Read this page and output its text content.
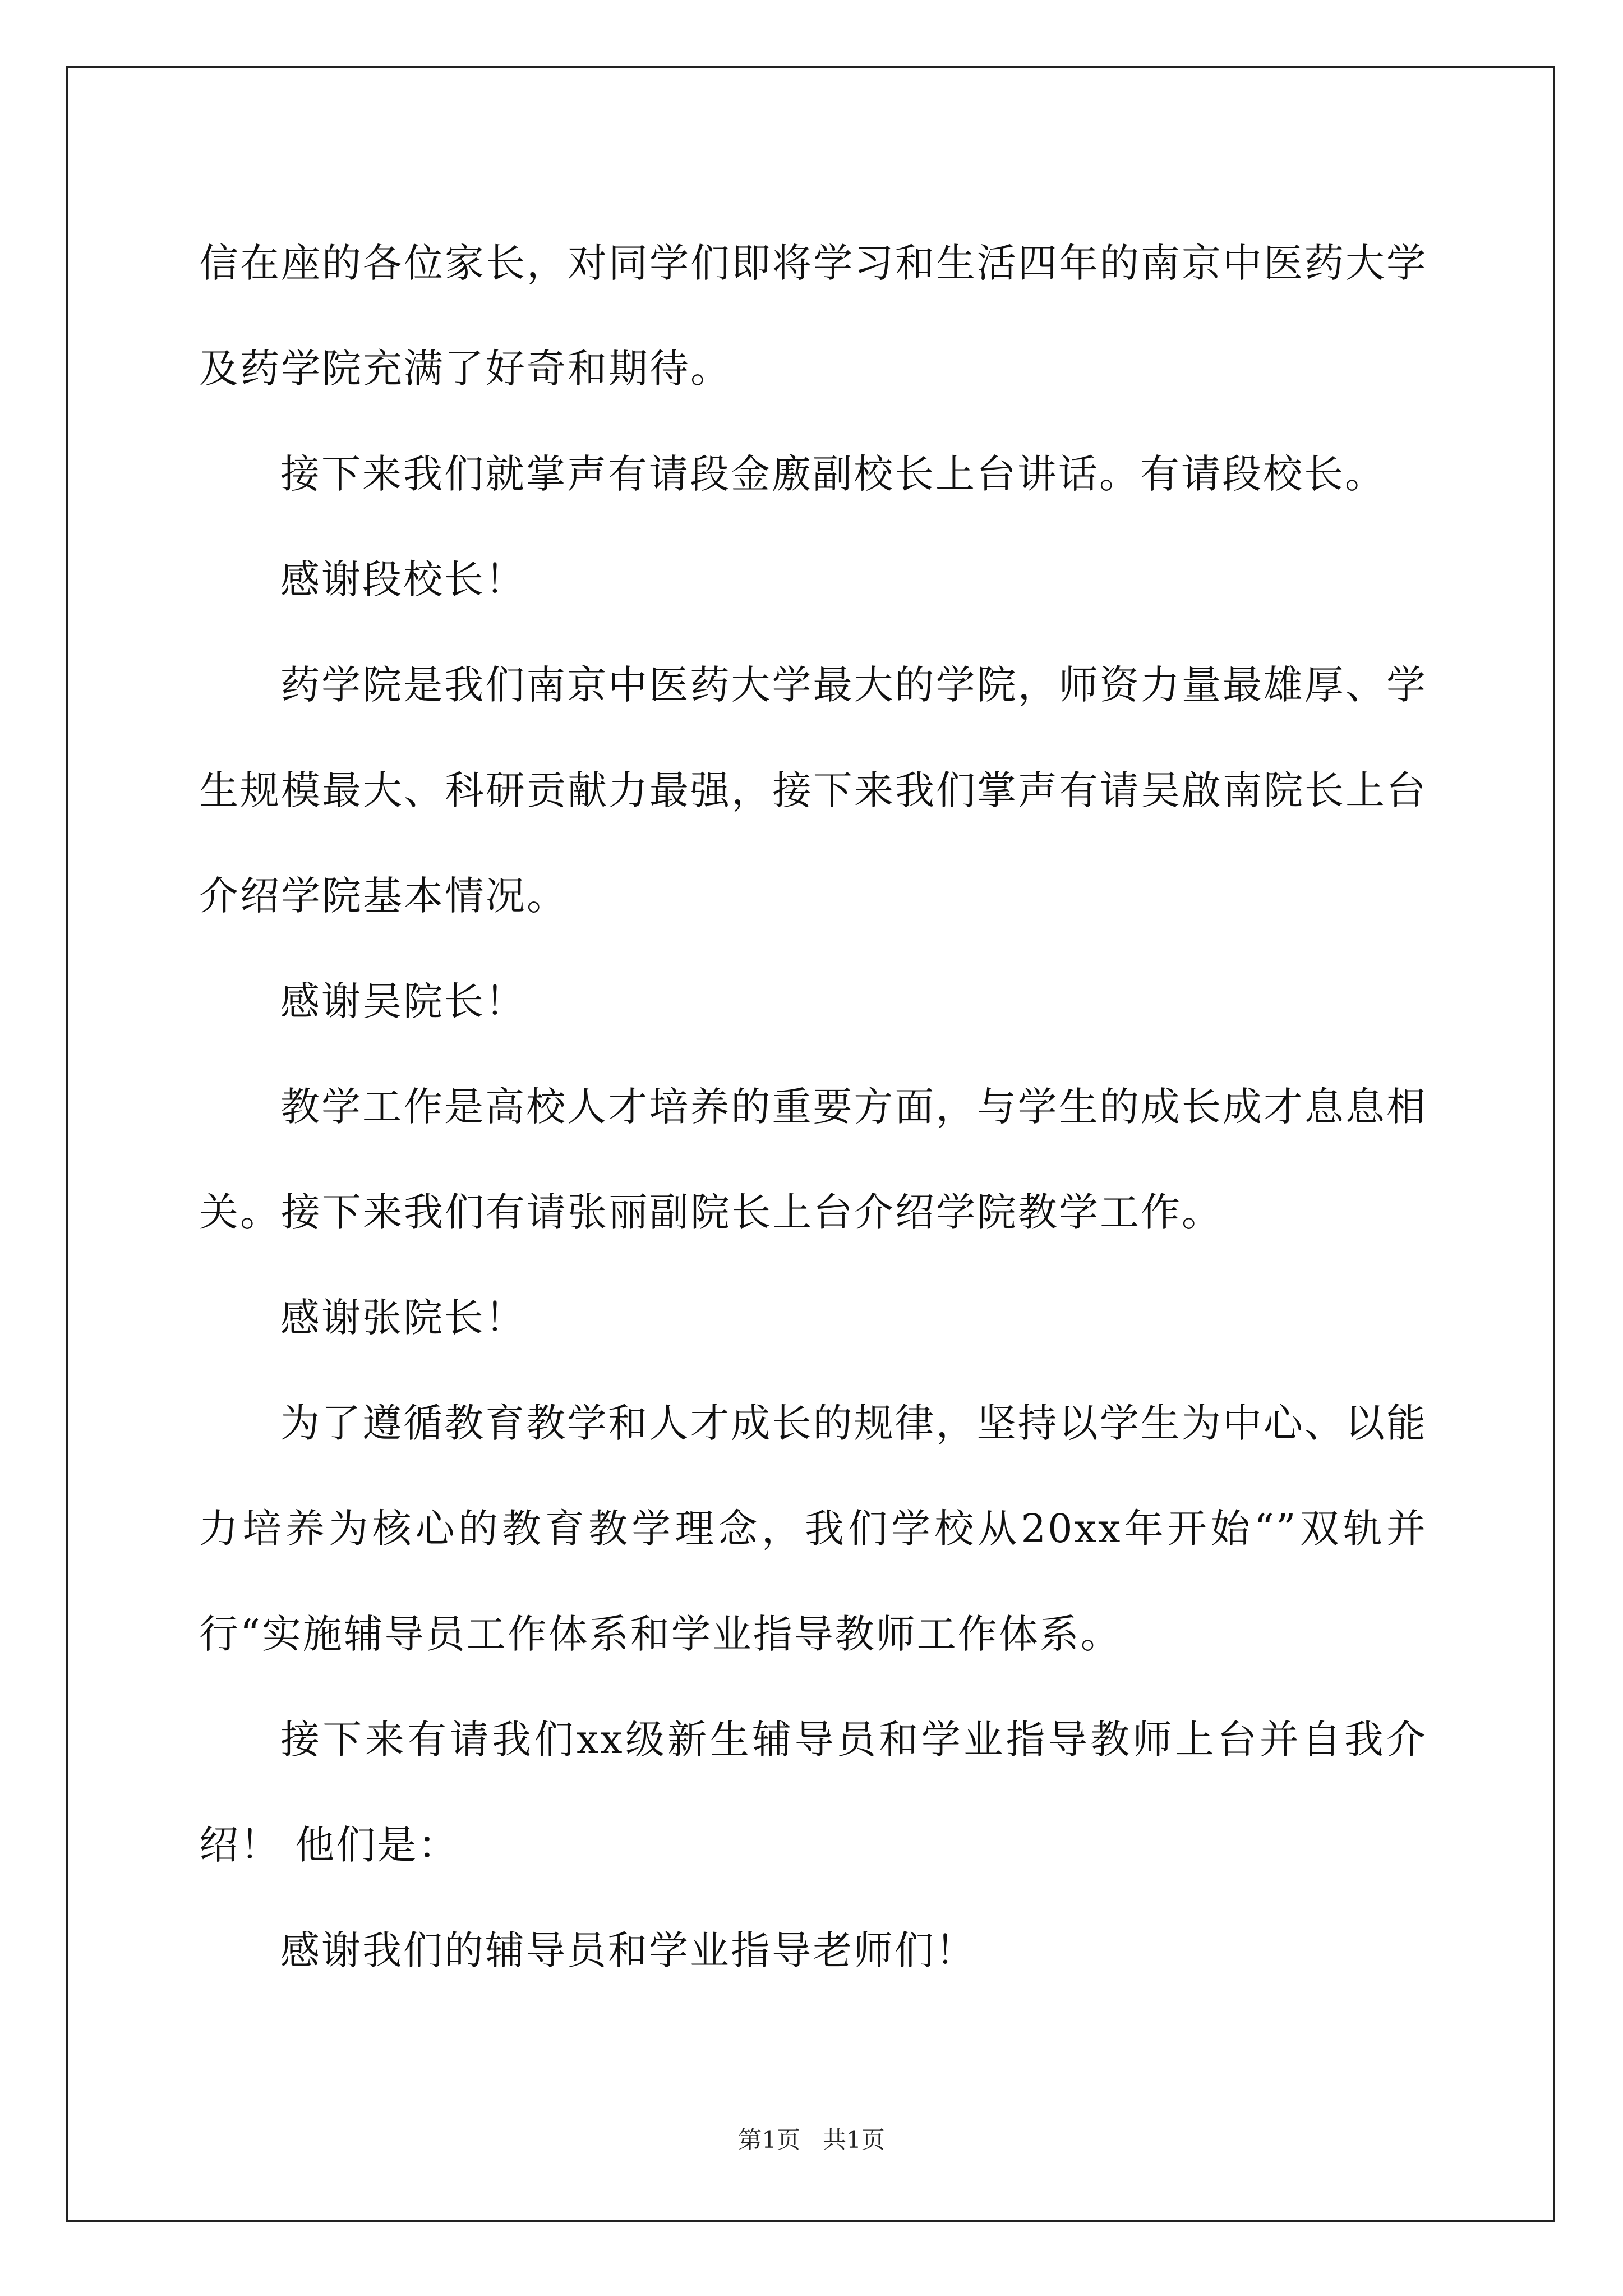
信在座的各位家长，对同学们即将学习和生活四年的南京中医药大学及药学院充满了好奇和期待。

接下来我们就掌声有请段金廒副校长上台讲话。有请段校长。

感谢段校长！

药学院是我们南京中医药大学最大的学院，师资力量最雄厚、学生规模最大、科研贡献力最强，接下来我们掌声有请吴啟南院长上台介绍学院基本情况。

感谢吴院长！

教学工作是高校人才培养的重要方面，与学生的成长成才息息相关。接下来我们有请张丽副院长上台介绍学院教学工作。

感谢张院长！

为了遵循教育教学和人才成长的规律，坚持以学生为中心、以能力培养为核心的教育教学理念，我们学校从20xx年开始“”双轨并行“实施辅导员工作体系和学业指导教师工作体系。

接下来有请我们xx级新生辅导员和学业指导教师上台并自我介绍！ 他们是：

感谢我们的辅导员和学业指导老师们！

第1页 共1页
